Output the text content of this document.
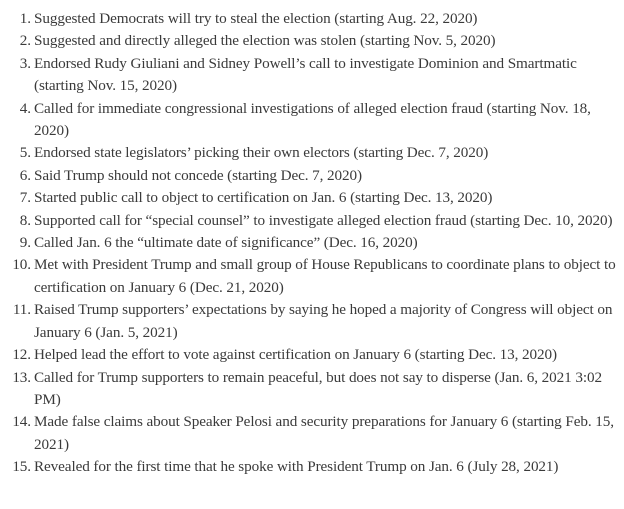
1. Suggested Democrats will try to steal the election (starting Aug. 22, 2020)
2. Suggested and directly alleged the election was stolen (starting Nov. 5, 2020)
3. Endorsed Rudy Giuliani and Sidney Powell’s call to investigate Dominion and Smartmatic (starting Nov. 15, 2020)
4. Called for immediate congressional investigations of alleged election fraud (starting Nov. 18, 2020)
5. Endorsed state legislators’ picking their own electors (starting Dec. 7, 2020)
6. Said Trump should not concede (starting Dec. 7, 2020)
7. Started public call to object to certification on Jan. 6 (starting Dec. 13, 2020)
8. Supported call for “special counsel” to investigate alleged election fraud (starting Dec. 10, 2020)
9. Called Jan. 6 the “ultimate date of significance” (Dec. 16, 2020)
10. Met with President Trump and small group of House Republicans to coordinate plans to object to certification on January 6 (Dec. 21, 2020)
11. Raised Trump supporters’ expectations by saying he hoped a majority of Congress will object on January 6 (Jan. 5, 2021)
12. Helped lead the effort to vote against certification on January 6 (starting Dec. 13, 2020)
13. Called for Trump supporters to remain peaceful, but does not say to disperse (Jan. 6, 2021 3:02 PM)
14. Made false claims about Speaker Pelosi and security preparations for January 6 (starting Feb. 15, 2021)
15. Revealed for the first time that he spoke with President Trump on Jan. 6 (July 28, 2021)
